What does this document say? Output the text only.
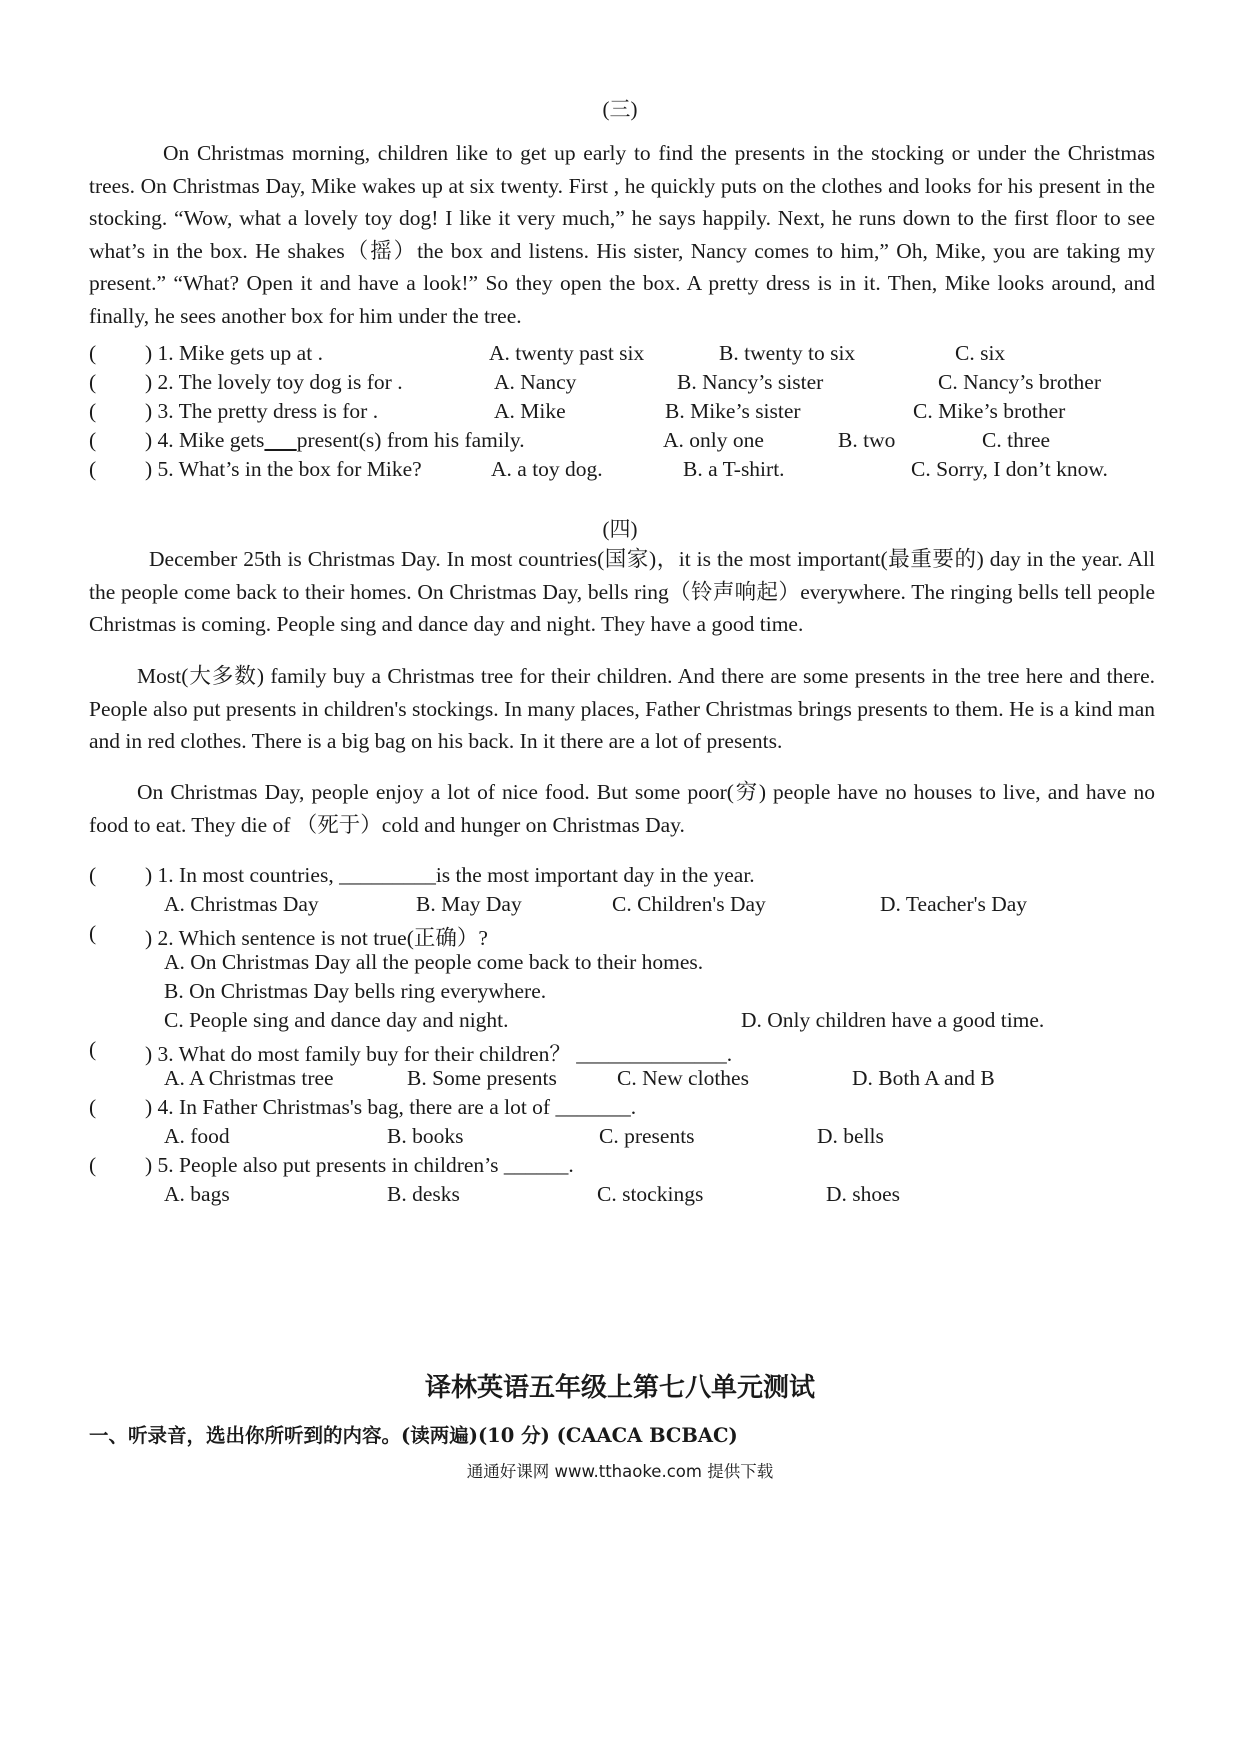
(三)

On Christmas morning, children like to get up early to find the presents in the stocking or under the Christmas trees. On Christmas Day, Mike wakes up at six twenty. First , he quickly puts on the clothes and looks for his present in the stocking. “Wow, what a lovely toy dog! I like it very much,” he says happily. Next, he runs down to the first floor to see what’s in the box. He shakes（摇）the box and listens. His sister, Nancy comes to him,” Oh, Mike, you are taking my present.” “What? Open it and have a look!” So they open the box. A pretty dress is in it. Then, Mike looks around, and finally, he sees another box for him under the tree.

( ) 1. Mike gets up at .	A. twenty past six	B. twenty to six	C. six
( ) 2. The lovely toy dog is for .	A. Nancy	B. Nancy’s sister	C. Nancy’s brother
( ) 3. The pretty dress is for .	A. Mike	B. Mike’s sister	C. Mike’s brother
( ) 4. Mike gets present(s) from his family.	A. only one	B. two	C. three
( ) 5. What’s in the box for Mike?	A. a toy dog.	B. a T-shirt.	C. Sorry, I don’t know.
(四)

December 25th is Christmas Day. In most countries(国家)，it is the most important(最重要的) day in the year. All the people come back to their homes. On Christmas Day, bells ring（铃声响起）everywhere. The ringing bells tell people Christmas is coming. People sing and dance day and night. They have a good time.

Most(大多数) family buy a Christmas tree for their children. And there are some presents in the tree here and there. People also put presents in children's stockings. In many places, Father Christmas brings presents to them. He is a kind man and in red clothes. There is a big bag on his back. In it there are a lot of presents.

On Christmas Day, people enjoy a lot of nice food. But some poor(穷) people have no houses to live, and have no food to eat. They die of （死于）cold and hunger on Christmas Day.

( ) 1. In most countries, _________is the most important day in the year.
A. Christmas Day	B. May Day	C. Children's Day	D. Teacher's Day
( ) 2. Which sentence is not true(正确）?
A. On Christmas Day all the people come back to their homes.
B. On Christmas Day bells ring everywhere.
C. People sing and dance day and night.	D. Only children have a good time.
( ) 3. What do most family buy for their children？ ______________.
A. A Christmas tree	B. Some presents	C. New clothes	D. Both A and B
( ) 4. In Father Christmas's bag, there are a lot of _______.
A. food	B. books	C. presents	D. bells
( ) 5. People also put presents in children’s ______.
A. bags	B. desks	C. stockings	D. shoes
译林英语五年级上第七八单元测试
一、听录音，选出你所听到的内容。(读两遍)(10 分) (CAACA BCBAC)
通通好课网 www.tthaoke.com 提供下载
